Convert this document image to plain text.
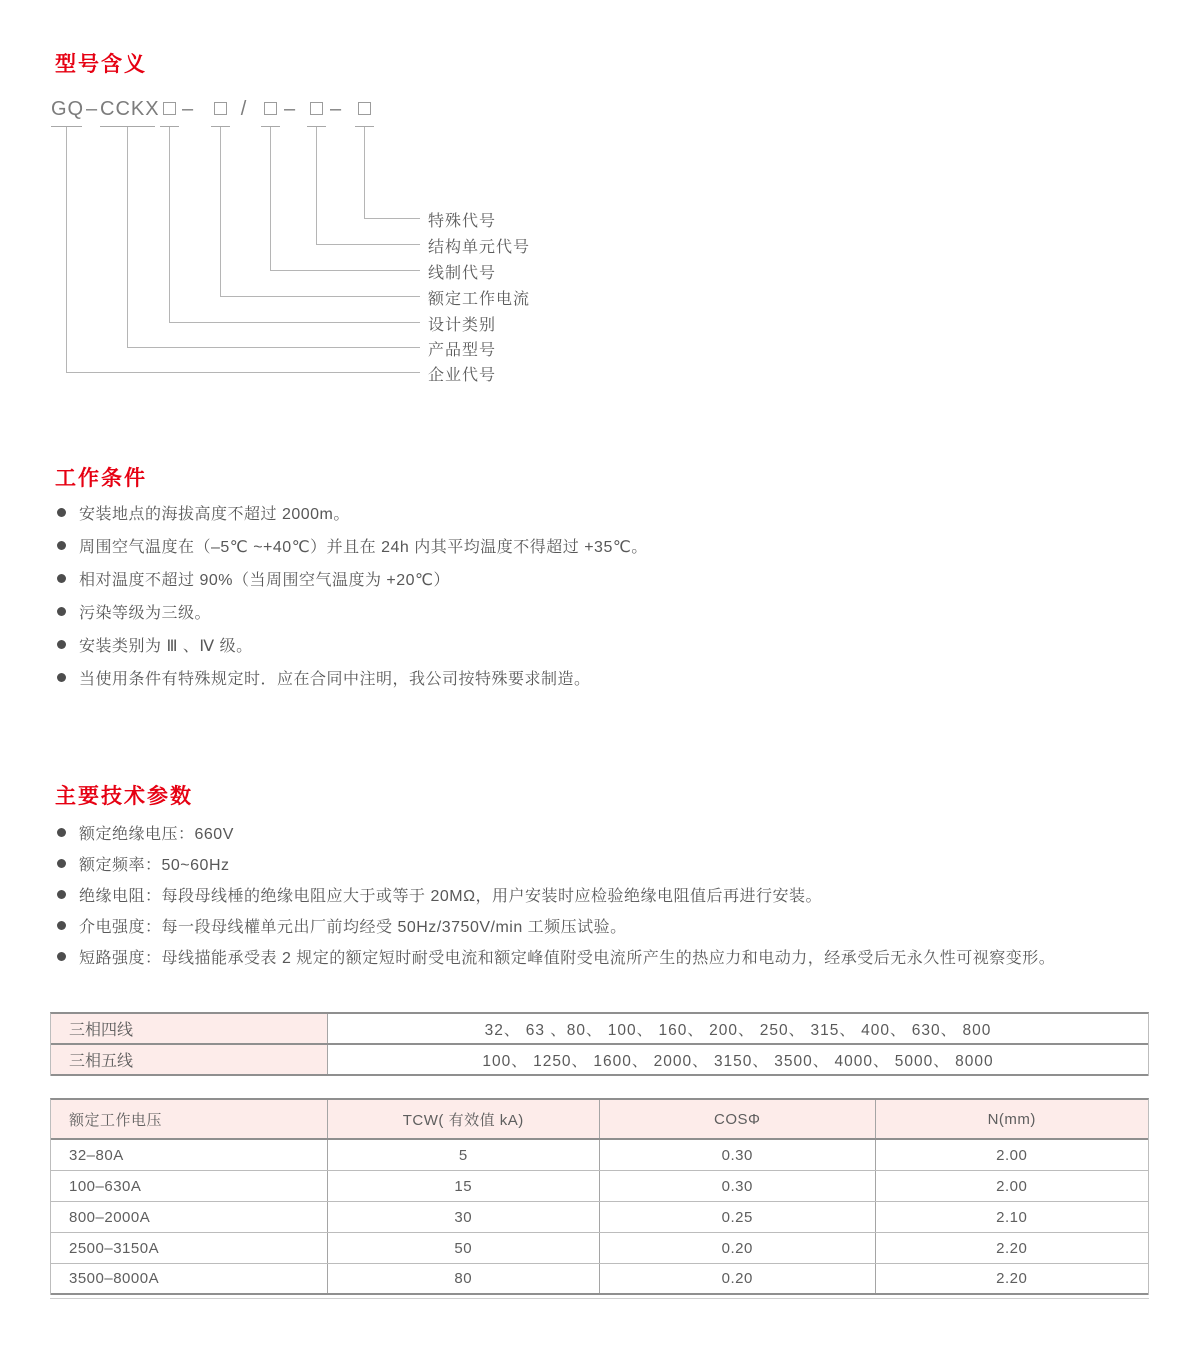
型号含义
GQ – CCKX – / – –
特殊代号
结构单元代号
线制代号
额定工作电流
设计类别
产品型号
企业代号
工作条件
安装地点的海拔高度不超过 2000m。
周围空气温度在（–5℃ ~+40℃）并且在 24h 内其平均温度不得超过 +35℃。
相对温度不超过 90%（当周围空气温度为 +20℃）
污染等级为三级。
安装类别为 Ⅲ 、Ⅳ 级。
当使用条件有特殊规定时．应在合同中注明，我公司按特殊要求制造。
主要技术参数
额定绝缘电压：660V
额定频率：50~60Hz
绝缘电阻：每段母线棰的绝缘电阻应大于或等于 20MΩ，用户安装时应检验绝缘电阻值后再进行安装。
介电强度：每一段母线權单元出厂前均经受 50Hz/3750V/min 工频压试验。
短路强度：母线描能承受表 2 规定的额定短时耐受电流和额定峰值附受电流所产生的热应力和电动力，经承受后无永久性可视察变形。
三相四线	32、 63 、80、 100、 160、 200、 250、 315、 400、 630、 800
三相五线	100、 1250、 1600、 2000、 3150、 3500、 4000、 5000、 8000
额定工作电压	TCW( 有效值 kA)	COSΦ	N(mm)
32–80A	5	0.30	2.00
100–630A	15	0.30	2.00
800–2000A	30	0.25	2.10
2500–3150A	50	0.20	2.20
3500–8000A	80	0.20	2.20
